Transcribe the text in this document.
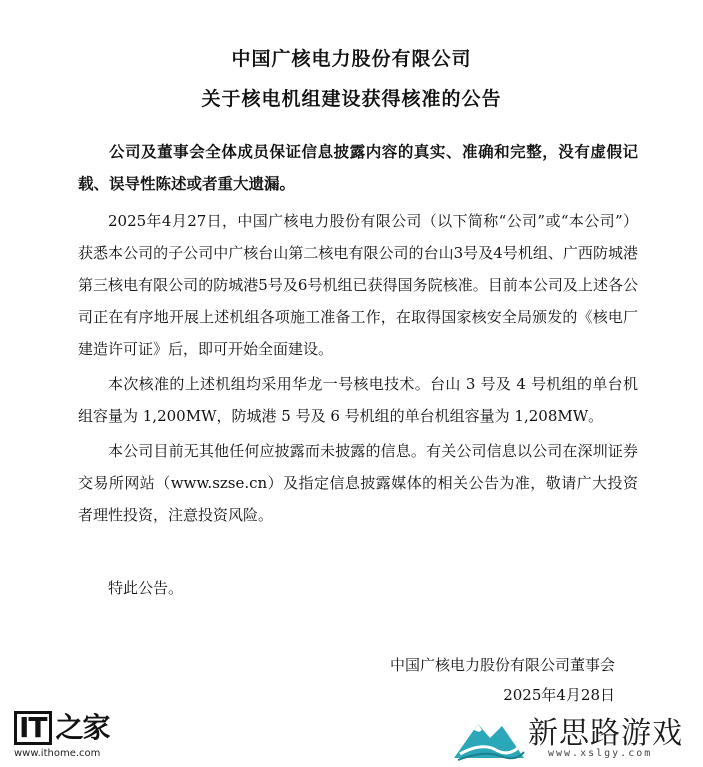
中国广核电力股份有限公司
关于核电机组建设获得核准的公告

公司及董事会全体成员保证信息披露内容的真实、准确和完整，没有虚假记载、误导性陈述或者重大遗漏。

2025年4月27日，中国广核电力股份有限公司（以下简称“公司”或“本公司”）获悉本公司的子公司中广核台山第二核电有限公司的台山3号及4号机组、广西防城港第三核电有限公司的防城港5号及6号机组已获得国务院核准。目前本公司及上述各公司正在有序地开展上述机组各项施工准备工作，在取得国家核安全局颁发的《核电厂建造许可证》后，即可开始全面建设。

本次核准的上述机组均采用华龙一号核电技术。台山 3 号及 4 号机组的单台机组容量为 1,200MW，防城港 5 号及 6 号机组的单台机组容量为 1,208MW。

本公司目前无其他任何应披露而未披露的信息。有关公司信息以公司在深圳证券交易所网站（www.szse.cn）及指定信息披露媒体的相关公告为准，敬请广大投资者理性投资，注意投资风险。

特此公告。

中国广核电力股份有限公司董事会

2025年4月28日

IT 之家
www.ithome.com
新思路游戏
www.xslgy.com
